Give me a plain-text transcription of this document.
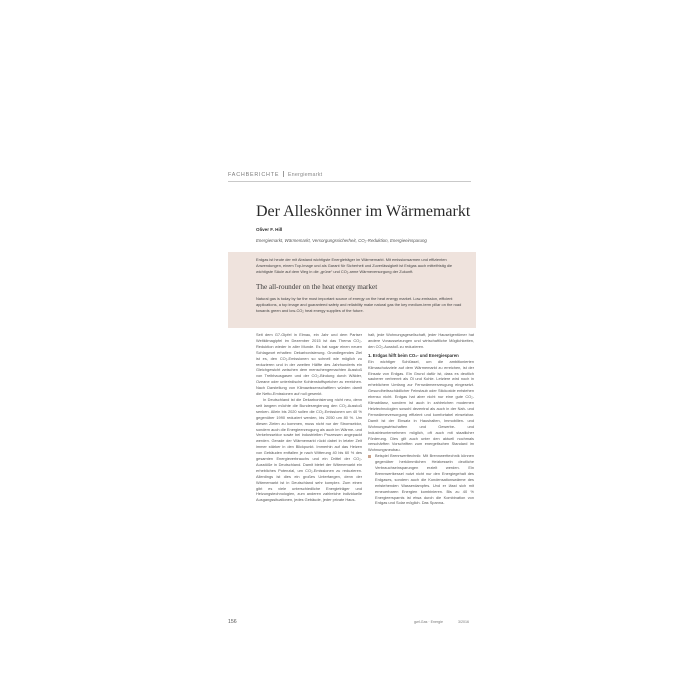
FACHBERICHTE Energiemarkt
Der Alleskönner im Wärmemarkt
Oliver F. Hill
Energiemarkt, Wärmemarkt, Versorgungssicherheit, CO₂-Reduktion, Energieeinsparung
Erdgas ist heute der mit Abstand wichtigste Energieträger im Wärmemarkt. Mit emissionsarmen und effizienten Anwendungen, einem Top-Image und als Garant für Sicherheit und Zuverlässigkeit ist Erdgas auch mittelfristig die wichtigste Säule auf dem Weg in die „grüne“ und CO₂-arme Wärmeversorgung der Zukunft.
The all-rounder on the heat energy market
Natural gas is today by far the most important source of energy on the heat energy market. Low-emission, efficient applications, a top image and guaranteed safety and reliability make natural gas the key medium-term pillar on the road towards green and low-CO₂ heat energy supplies of the future.

Seit dem G7-Gipfel in Elmau, ein Jahr und dem Pariser Weltklimagipfel im Dezember 2015 ist das Thema CO₂-Reduktion wieder in aller Munde. Es hat sogar einen neuen Schlagwort erhalten: Dekarbonisierung. Grundlegendes Ziel ist es, den CO₂-Emissionen so schnell wie möglich zu reduzieren und in der zweiten Hälfte des Jahrhunderts ein Gleichgewicht zwischen dem menschengemachten Ausstoß von Treibhausgasen und der CO₂-Bindung durch Wälder, Ozeane oder unterirdische Kohlenstoffspeicher zu erreichen. Nach Darstellung von Klimawissenschaftlern würden damit die Netto-Emissionen auf null gesenkt.

In Deutschland ist die Dekarbonisierung nicht neu, denn seit langem möchte die Bundesregierung den CO₂-Ausstoß senken. Allein bis 2020 sollen die CO₂-Emissionen um 40 % gegenüber 1990 reduziert werden, bis 2050 um 80 %. Um diesen Zielen zu kommen, muss nicht nur der Stromsektor, sondern auch die Energieerzeugung als auch im Wärme- und Verkehrssektor sowie bei industriellen Prozessen angepackt werden. Gerade der Wärmemarkt rückt dabei in letzter Zeit immer stärker in den Blickpunkt. Immerhin auf das Heizen von Gebäuden entfallen je nach Witterung 40 bis 60 % des gesamten Energieverbrauchs und ein Drittel der CO₂-Ausstöße in Deutschland. Damit bietet der Wärmemarkt ein erhebliches Potenzial, um CO₂-Emissionen zu reduzieren. Allerdings ist dies ein großes Unterfangen, denn der Wärmemarkt ist in Deutschland sehr komplex. Zum einen gibt es viele unterschiedliche Energieträger und Heizungstechnologien, zum anderen zahlreiche individuelle Ausgangssituationen, jedes Gebäude, jeder private Haus-

halt, jede Wohnungsgesellschaft, jeder Hauseigentümer hat andere Voraussetzungen und wirtschaftliche Möglichkeiten, den CO₂-Ausstoß zu reduzieren.

1. Erdgas hilft beim CO₂- und Energiesparen

Ein wichtiger Schlüssel, um die ambitionierten Klimaschutzziele auf dem Wärmemarkt zu erreichen, ist der Einsatz von Erdgas. Ein Grund dafür ist, dass es deutlich sauberer verbrennt als Öl und Kohle. Letztere wird noch in erheblichem Umfang zur Fernwärmeerzeugung eingesetzt. Gesundheitsschädlicher Feinstaub oder Stickoxide entstehen ebenso nicht. Erdgas hat aber nicht nur eine gute CO₂-Klimabilanz, sondern ist auch in zahlreichen modernen Heiztechnologien sowohl dezentral als auch in der Nah- und Fernwärmeversorgung effizient und komfortabel einsetzbar. Damit ist der Einsatz in Haushalten, Immobilien- und Wohnungswirtschaften und Gewerbe- und Industrieunternehmen möglich, oft auch mit staatlicher Förderung. Dies gilt auch unter den aktuell nochmals verschärften Vorschriften zum energetischen Standard im Wohnungsneubau.

Beispiel Brennwerttechnik: Mit Brennwerttechnik können gegenüber herkömmlichen Heizkesseln deutliche Verbrauchseinsparungen erzielt werden. Ein Brennwertkessel nutzt nicht nur den Energiegehalt des Erdgases, sondern auch die Kondensationswärme des entstehenden Wasserdampfes. Und er lässt sich mit erneuerbaren Energien kombinieren. Bis zu 40 % Energieersparnis ist etwa durch die Kombination von Erdgas und Solar möglich. Das Spanna-

156	gwf-Gas · Energie	3/2016
